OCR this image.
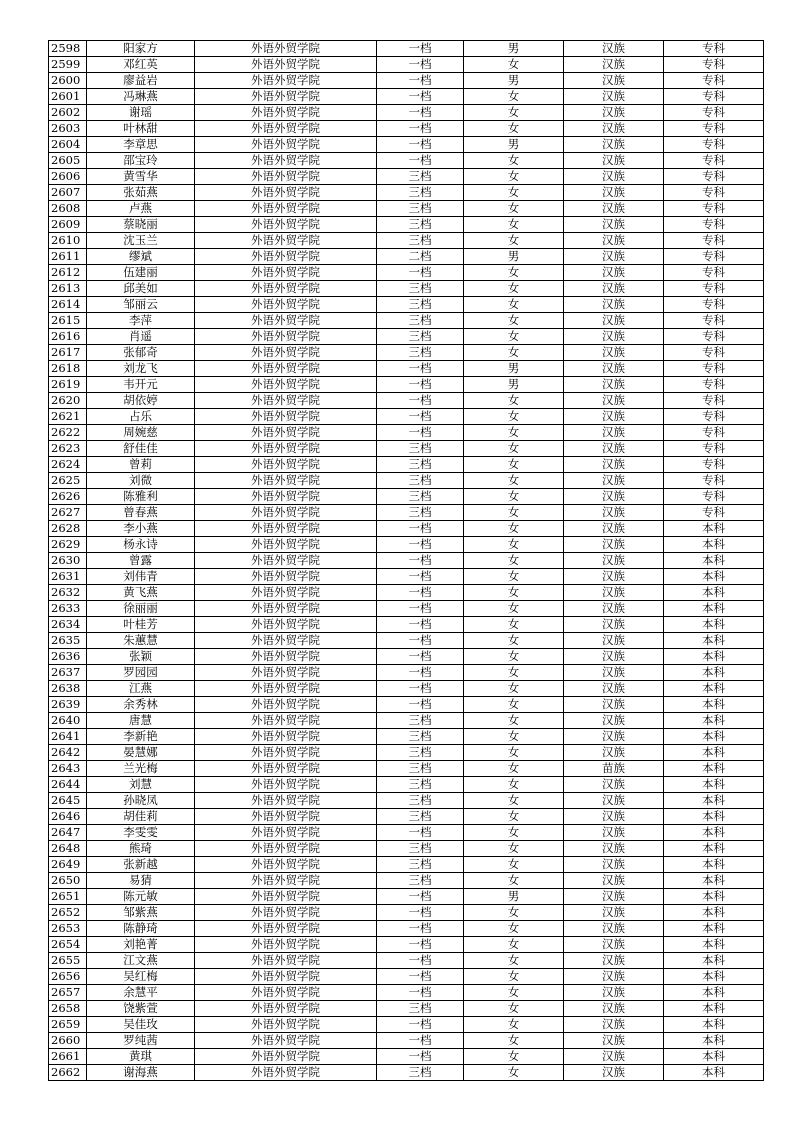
2598	阳家方	外语外贸学院	一档	男	汉族	专科
2599	邓红英	外语外贸学院	一档	女	汉族	专科
2600	廖益岩	外语外贸学院	一档	男	汉族	专科
2601	冯琳燕	外语外贸学院	一档	女	汉族	专科
2602	谢瑶	外语外贸学院	一档	女	汉族	专科
2603	叶林甜	外语外贸学院	一档	女	汉族	专科
2604	李章思	外语外贸学院	一档	男	汉族	专科
2605	邵宝玲	外语外贸学院	一档	女	汉族	专科
2606	黄雪华	外语外贸学院	三档	女	汉族	专科
2607	张茹燕	外语外贸学院	三档	女	汉族	专科
2608	卢燕	外语外贸学院	三档	女	汉族	专科
2609	蔡晓丽	外语外贸学院	三档	女	汉族	专科
2610	沈玉兰	外语外贸学院	三档	女	汉族	专科
2611	缪斌	外语外贸学院	二档	男	汉族	专科
2612	伍建丽	外语外贸学院	一档	女	汉族	专科
2613	邱美如	外语外贸学院	三档	女	汉族	专科
2614	邹丽云	外语外贸学院	三档	女	汉族	专科
2615	李萍	外语外贸学院	三档	女	汉族	专科
2616	肖遥	外语外贸学院	三档	女	汉族	专科
2617	张郁奇	外语外贸学院	三档	女	汉族	专科
2618	刘龙飞	外语外贸学院	一档	男	汉族	专科
2619	韦开元	外语外贸学院	一档	男	汉族	专科
2620	胡依婷	外语外贸学院	一档	女	汉族	专科
2621	占乐	外语外贸学院	一档	女	汉族	专科
2622	周婉慈	外语外贸学院	一档	女	汉族	专科
2623	舒佳佳	外语外贸学院	三档	女	汉族	专科
2624	曾莉	外语外贸学院	三档	女	汉族	专科
2625	刘微	外语外贸学院	三档	女	汉族	专科
2626	陈雅利	外语外贸学院	三档	女	汉族	专科
2627	曾春燕	外语外贸学院	三档	女	汉族	专科
2628	李小燕	外语外贸学院	一档	女	汉族	本科
2629	杨永诗	外语外贸学院	一档	女	汉族	本科
2630	曾露	外语外贸学院	一档	女	汉族	本科
2631	刘伟青	外语外贸学院	一档	女	汉族	本科
2632	黄飞燕	外语外贸学院	一档	女	汉族	本科
2633	徐丽丽	外语外贸学院	一档	女	汉族	本科
2634	叶桂芳	外语外贸学院	一档	女	汉族	本科
2635	朱蕙慧	外语外贸学院	一档	女	汉族	本科
2636	张颖	外语外贸学院	一档	女	汉族	本科
2637	罗园园	外语外贸学院	一档	女	汉族	本科
2638	江燕	外语外贸学院	一档	女	汉族	本科
2639	余秀林	外语外贸学院	一档	女	汉族	本科
2640	唐慧	外语外贸学院	三档	女	汉族	本科
2641	李新艳	外语外贸学院	三档	女	汉族	本科
2642	晏慧娜	外语外贸学院	三档	女	汉族	本科
2643	兰光梅	外语外贸学院	三档	女	苗族	本科
2644	刘慧	外语外贸学院	三档	女	汉族	本科
2645	孙晓凤	外语外贸学院	三档	女	汉族	本科
2646	胡佳莉	外语外贸学院	三档	女	汉族	本科
2647	李雯雯	外语外贸学院	一档	女	汉族	本科
2648	熊琦	外语外贸学院	三档	女	汉族	本科
2649	张新越	外语外贸学院	三档	女	汉族	本科
2650	易猜	外语外贸学院	三档	女	汉族	本科
2651	陈元敏	外语外贸学院	一档	男	汉族	本科
2652	邹紫燕	外语外贸学院	一档	女	汉族	本科
2653	陈静琦	外语外贸学院	一档	女	汉族	本科
2654	刘艳菁	外语外贸学院	一档	女	汉族	本科
2655	江文燕	外语外贸学院	一档	女	汉族	本科
2656	吴红梅	外语外贸学院	一档	女	汉族	本科
2657	余慧平	外语外贸学院	一档	女	汉族	本科
2658	饶紫萱	外语外贸学院	三档	女	汉族	本科
2659	吴佳玫	外语外贸学院	一档	女	汉族	本科
2660	罗纯茜	外语外贸学院	一档	女	汉族	本科
2661	黄琪	外语外贸学院	一档	女	汉族	本科
2662	谢海燕	外语外贸学院	三档	女	汉族	本科
